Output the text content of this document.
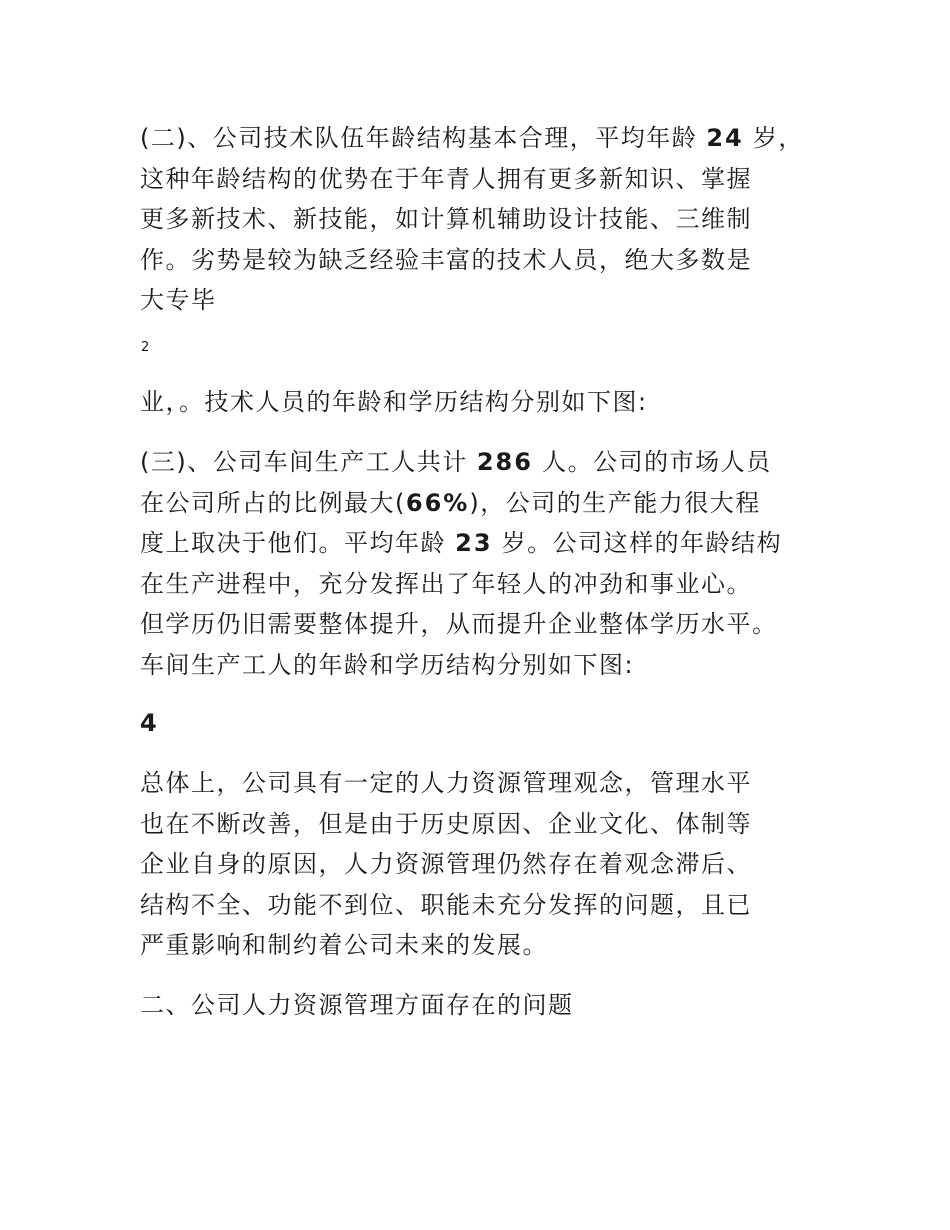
(二)、公司技术队伍年龄结构基本合理，平均年龄 24 岁，
这种年龄结构的优势在于年青人拥有更多新知识、掌握
更多新技术、新技能，如计算机辅助设计技能、三维制
作。劣势是较为缺乏经验丰富的技术人员，绝大多数是
大专毕
2
业，。技术人员的年龄和学历结构分别如下图:
(三)、公司车间生产工人共计 286 人。公司的市场人员
在公司所占的比例最大(66%)，公司的生产能力很大程
度上取决于他们。平均年龄 23 岁。公司这样的年龄结构
在生产进程中，充分发挥出了年轻人的冲劲和事业心。
但学历仍旧需要整体提升，从而提升企业整体学历水平。
车间生产工人的年龄和学历结构分别如下图:
4
总体上，公司具有一定的人力资源管理观念，管理水平
也在不断改善，但是由于历史原因、企业文化、体制等
企业自身的原因，人力资源管理仍然存在着观念滞后、
结构不全、功能不到位、职能未充分发挥的问题，且已
严重影响和制约着公司未来的发展。
二、公司人力资源管理方面存在的问题
